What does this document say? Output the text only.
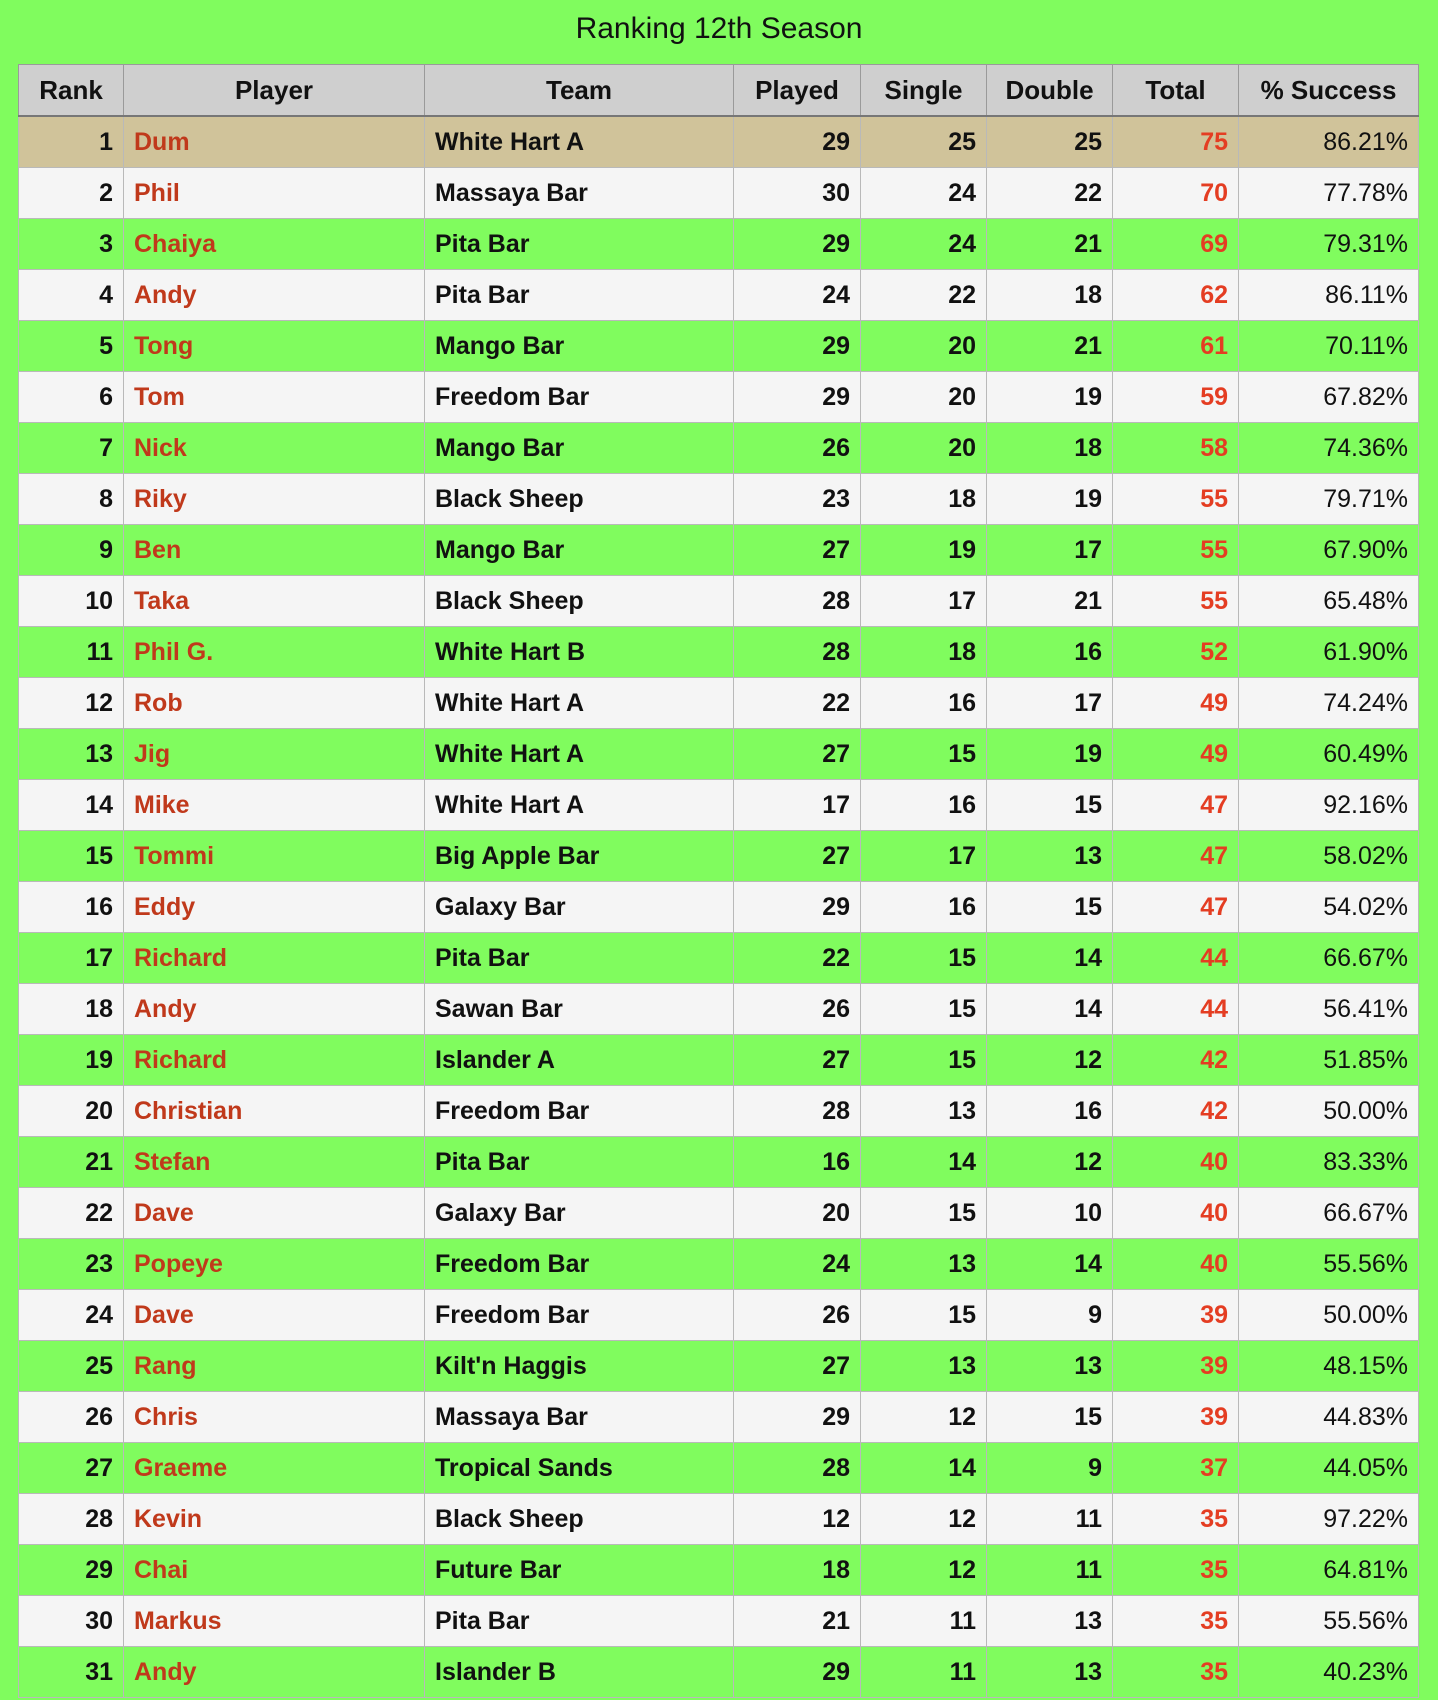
Ranking 12th Season
Rank	Player	Team	Played	Single	Double	Total	% Success
1	Dum	White Hart A	29	25	25	75	86.21%
2	Phil	Massaya Bar	30	24	22	70	77.78%
3	Chaiya	Pita Bar	29	24	21	69	79.31%
4	Andy	Pita Bar	24	22	18	62	86.11%
5	Tong	Mango Bar	29	20	21	61	70.11%
6	Tom	Freedom Bar	29	20	19	59	67.82%
7	Nick	Mango Bar	26	20	18	58	74.36%
8	Riky	Black Sheep	23	18	19	55	79.71%
9	Ben	Mango Bar	27	19	17	55	67.90%
10	Taka	Black Sheep	28	17	21	55	65.48%
11	Phil G.	White Hart B	28	18	16	52	61.90%
12	Rob	White Hart A	22	16	17	49	74.24%
13	Jig	White Hart A	27	15	19	49	60.49%
14	Mike	White Hart A	17	16	15	47	92.16%
15	Tommi	Big Apple Bar	27	17	13	47	58.02%
16	Eddy	Galaxy Bar	29	16	15	47	54.02%
17	Richard	Pita Bar	22	15	14	44	66.67%
18	Andy	Sawan Bar	26	15	14	44	56.41%
19	Richard	Islander A	27	15	12	42	51.85%
20	Christian	Freedom Bar	28	13	16	42	50.00%
21	Stefan	Pita Bar	16	14	12	40	83.33%
22	Dave	Galaxy Bar	20	15	10	40	66.67%
23	Popeye	Freedom Bar	24	13	14	40	55.56%
24	Dave	Freedom Bar	26	15	9	39	50.00%
25	Rang	Kilt'n Haggis	27	13	13	39	48.15%
26	Chris	Massaya Bar	29	12	15	39	44.83%
27	Graeme	Tropical Sands	28	14	9	37	44.05%
28	Kevin	Black Sheep	12	12	11	35	97.22%
29	Chai	Future Bar	18	12	11	35	64.81%
30	Markus	Pita Bar	21	11	13	35	55.56%
31	Andy	Islander B	29	11	13	35	40.23%
